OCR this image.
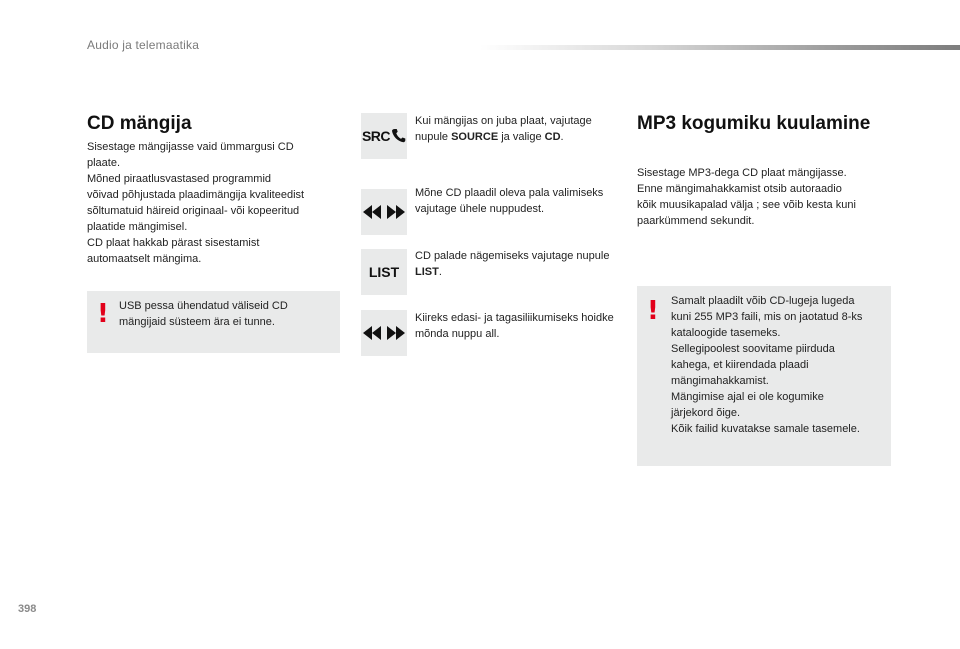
Audio ja telemaatika
CD mängija
Sisestage mängijasse vaid ümmargusi CD
plaate.
Mõned piraatlusvastased programmid
võivad põhjustada plaadimängija kvaliteedist
sõltumatuid häireid originaal- või kopeeritud
plaatide mängimisel.
CD plaat hakkab pärast sisestamist
automaatselt mängima.
! USB pessa ühendatud väliseid CD
mängijaid süsteem ära ei tunne.
SRC
Kui mängijas on juba plaat, vajutage nupule SOURCE ja valige CD.
Mõne CD plaadil oleva pala valimiseks vajutage ühele nuppudest.
LIST
CD palade nägemiseks vajutage nupule LIST.
Kiireks edasi- ja tagasiliikumiseks hoidke mõnda nuppu all.
MP3 kogumiku kuulamine
Sisestage MP3-dega CD plaat mängijasse.
Enne mängimahakkamist otsib autoraadio
kõik muusikapalad välja ; see võib kesta kuni
paarkümmend sekundit.
! Samalt plaadilt võib CD-lugeja lugeda
kuni 255 MP3 faili, mis on jaotatud 8-ks
kataloogide tasemeks.
Sellegipoolest soovitame piirduda
kahega, et kiirendada plaadi
mängimahakkamist.
Mängimise ajal ei ole kogumike
järjekord õige.
Kõik failid kuvatakse samale tasemele.
398
